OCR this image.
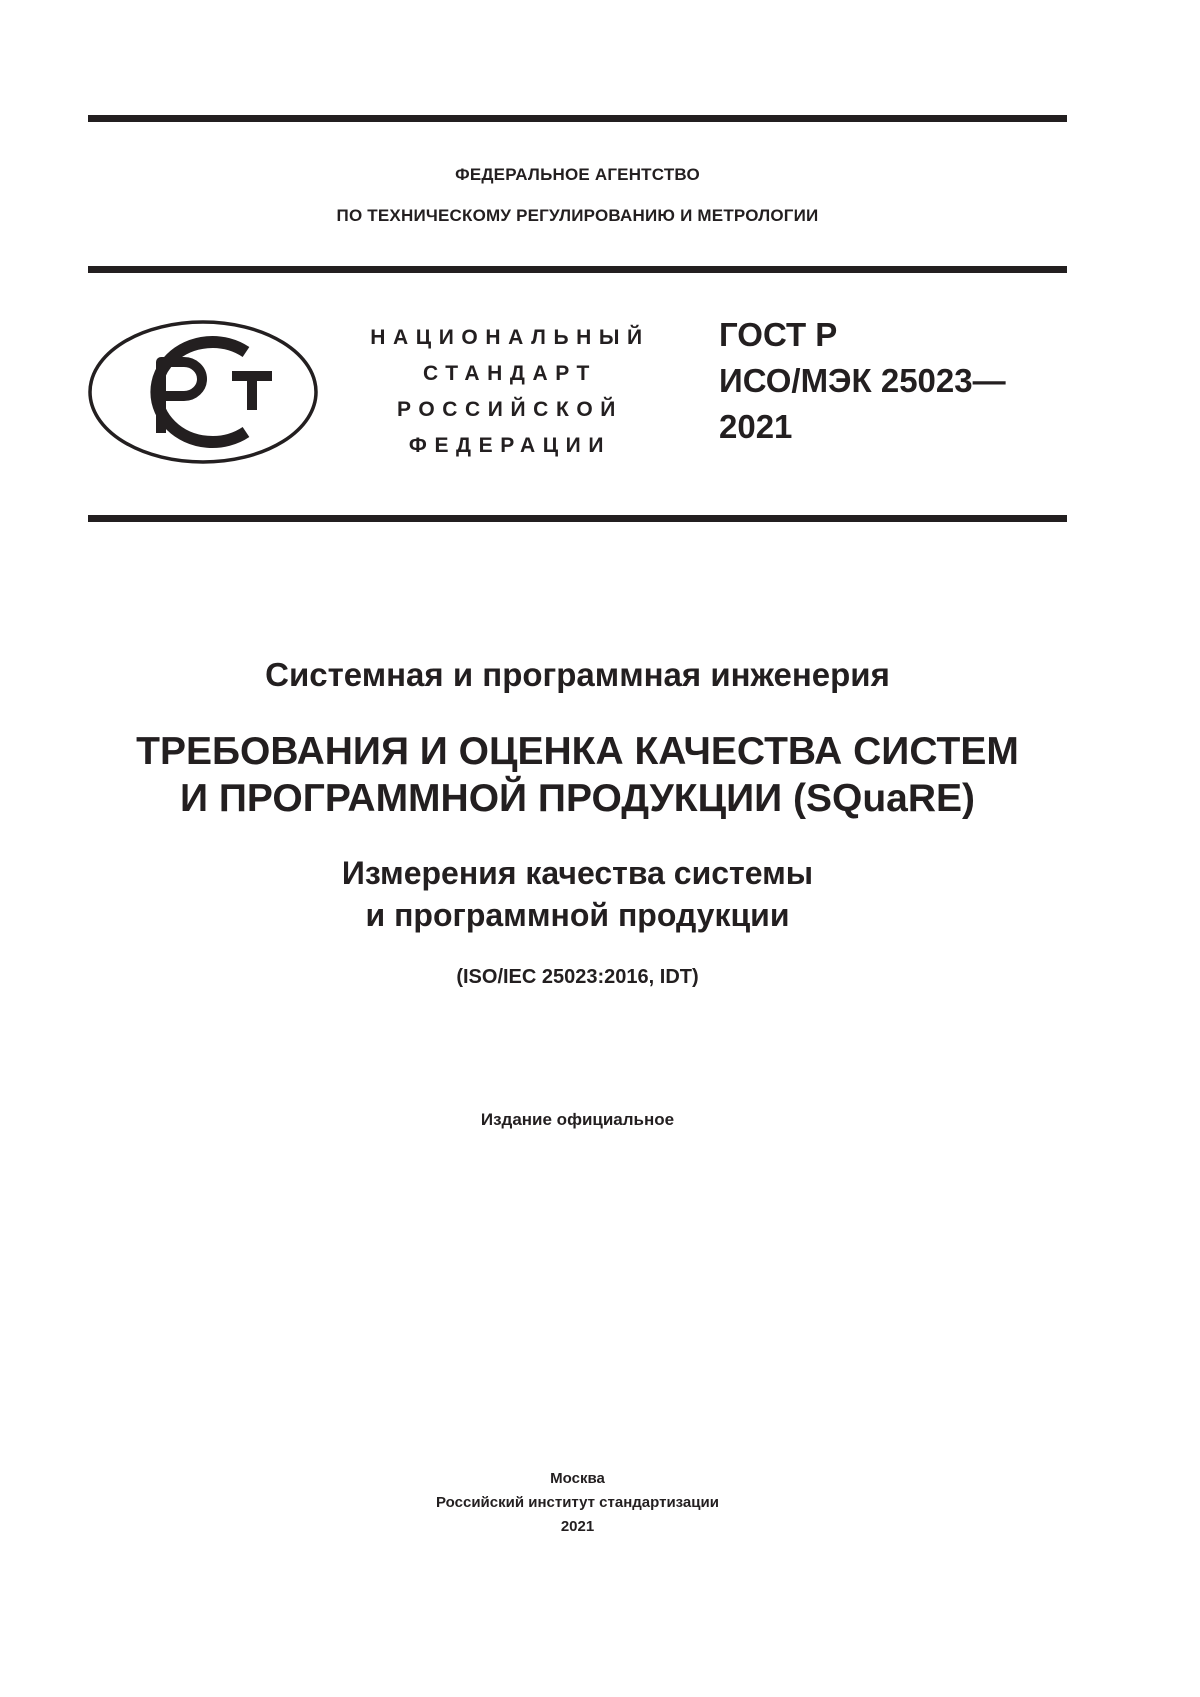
ФЕДЕРАЛЬНОЕ АГЕНТСТВО
ПО ТЕХНИЧЕСКОМУ РЕГУЛИРОВАНИЮ И МЕТРОЛОГИИ
НАЦИОНАЛЬНЫЙ
СТАНДАРТ
РОССИЙСКОЙ
ФЕДЕРАЦИИ
ГОСТ Р
ИСО/МЭК 25023—
2021
Системная и программная инженерия
ТРЕБОВАНИЯ И ОЦЕНКА КАЧЕСТВА СИСТЕМ
И ПРОГРАММНОЙ ПРОДУКЦИИ (SQuaRE)
Измерения качества системы
и программной продукции
(ISO/IEC 25023:2016, IDT)
Издание официальное
Москва
Российский институт стандартизации
2021
